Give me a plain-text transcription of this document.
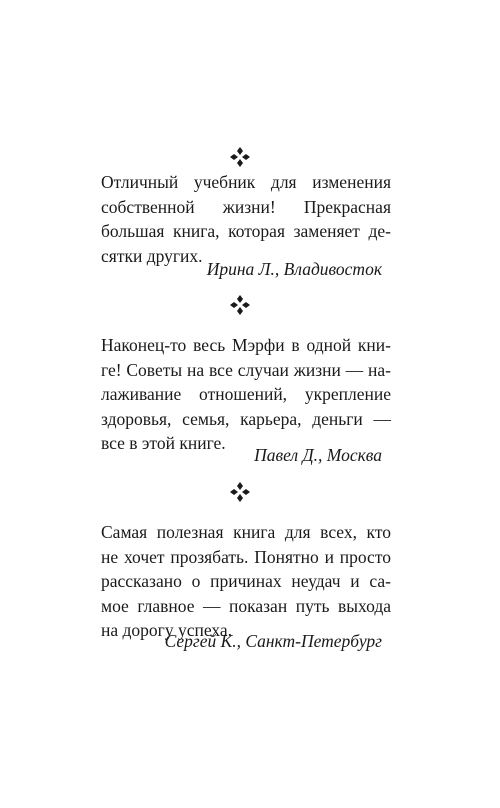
Отличный учебник для изменения
собственной жизни! Прекрасная
большая книга, которая заменяет де-
сятки других.
Ирина Л., Владивосток
Наконец-то весь Мэрфи в одной кни-
ге! Советы на все случаи жизни — на-
лаживание отношений, укрепление
здоровья, семья, карьера, деньги —
все в этой книге.
Павел Д., Москва
Самая полезная книга для всех, кто
не хочет прозябать. Понятно и просто
рассказано о причинах неудач и са-
мое главное — показан путь выхода
на дорогу успеха.
Сергей К., Санкт-Петербург
